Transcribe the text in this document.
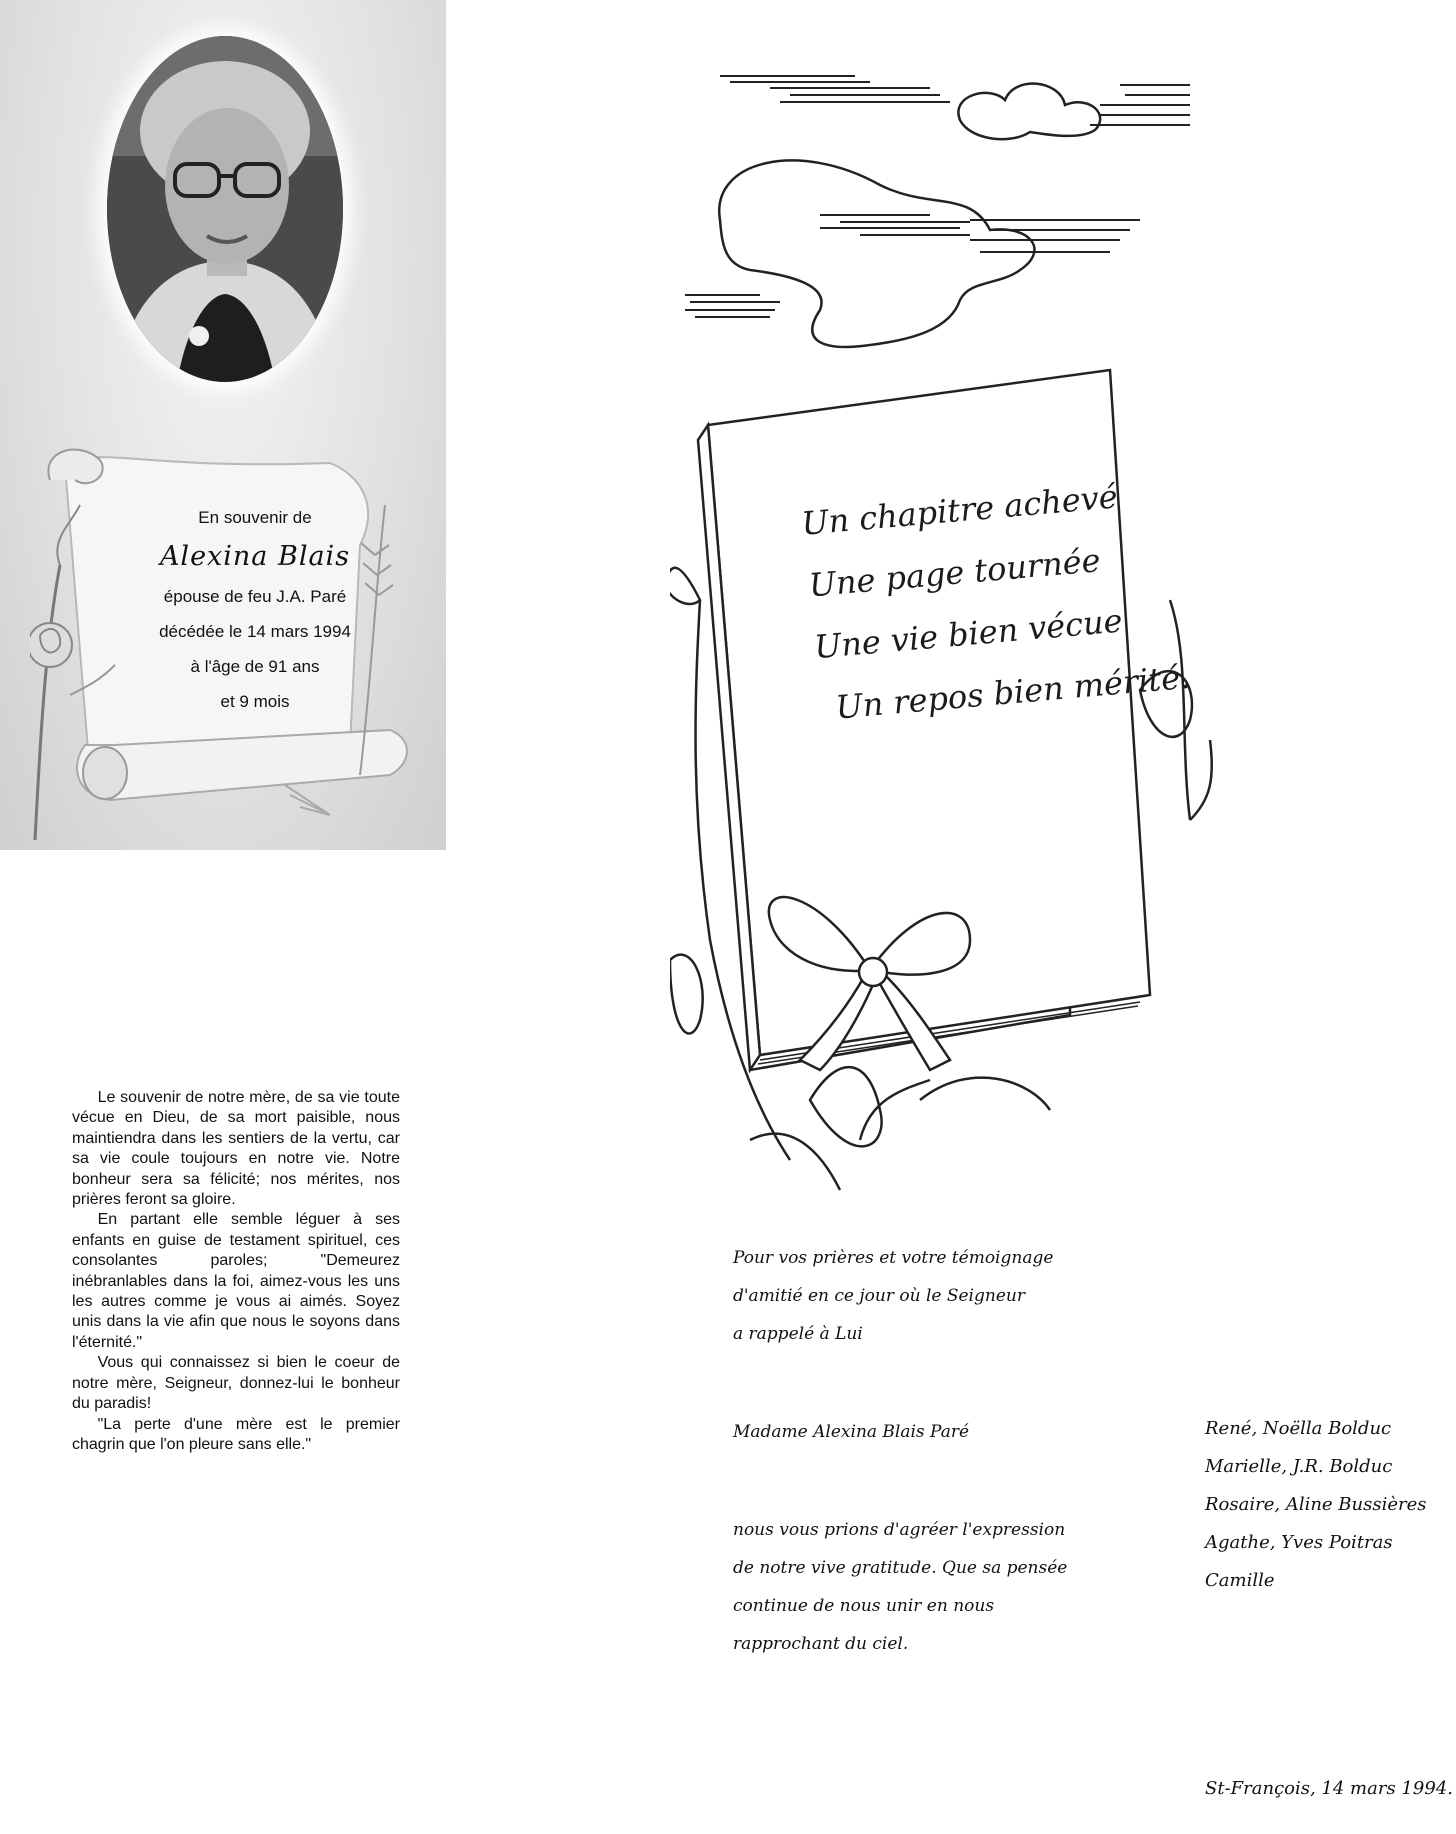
En souvenir de
Alexina Blais
épouse de feu J.A. Paré
décédée le 14 mars 1994
à l'âge de 91 ans
et 9 mois

Le souvenir de notre mère, de sa vie toute vécue en Dieu, de sa mort paisible, nous maintiendra dans les sentiers de la vertu, car sa vie coule toujours en notre vie. Notre bonheur sera sa félicité; nos mérites, nos prières feront sa gloire.

En partant elle semble léguer à ses enfants en guise de testament spirituel, ces consolantes paroles; "Demeurez inébranlables dans la foi, aimez-vous les uns les autres comme je vous ai aimés. Soyez unis dans la vie afin que nous le soyons dans l'éternité."

Vous qui connaissez si bien le coeur de notre mère, Seigneur, donnez-lui le bonheur du paradis!

"La perte d'une mère est le premier chagrin que l'on pleure sans elle."

Un chapitre achevé
Une page tournée
Une vie bien vécue
Un repos bien mérité.
Pour vos prières et votre témoignage
d'amitié en ce jour où le Seigneur
a rappelé à Lui
Madame Alexina Blais Paré
nous vous prions d'agréer l'expression
de notre vive gratitude. Que sa pensée
continue de nous unir en nous
rapprochant du ciel.
René, Noëlla Bolduc
Marielle, J.R. Bolduc
Rosaire, Aline Bussières
Agathe, Yves Poitras
Camille
St-François, 14 mars 1994.
